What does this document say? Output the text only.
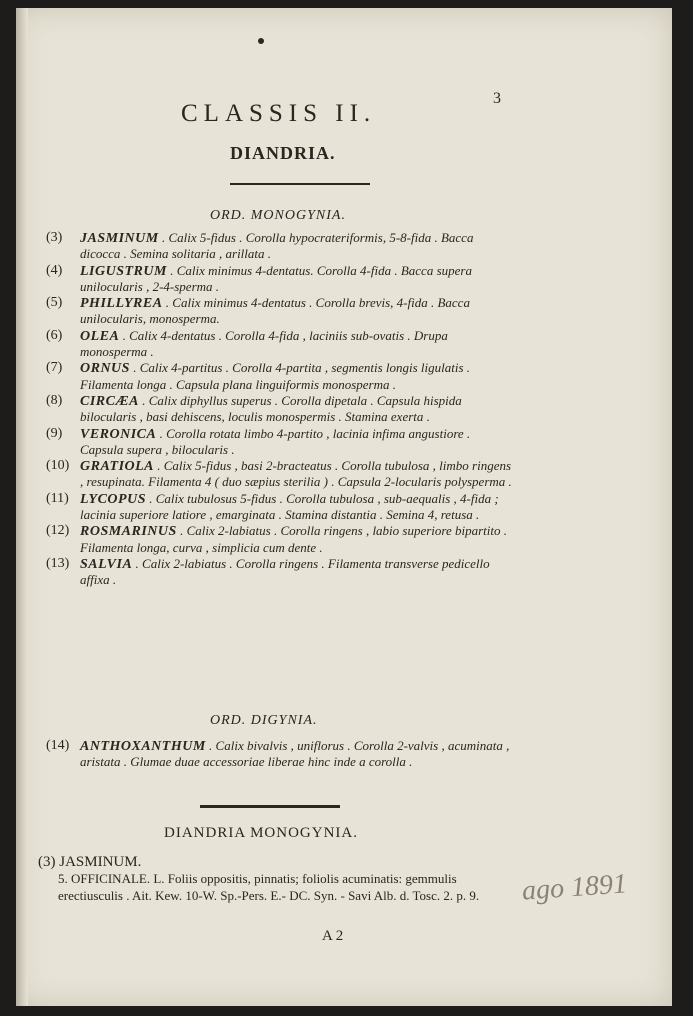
3
CLASSIS II.
DIANDRIA.
ORD. MONOGYNIA.
(3) JASMINUM . Calix 5-fidus . Corolla hypocrateriformis, 5-8-fida . Bacca dicocca . Semina solitaria , arillata .
(4) LIGUSTRUM . Calix minimus 4-dentatus. Corolla 4-fida . Bacca supera unilocularis , 2-4-sperma .
(5) PHILLYREA . Calix minimus 4-dentatus . Corolla brevis, 4-fida . Bacca unilocularis, monosperma.
(6) OLEA . Calix 4-dentatus . Corolla 4-fida , laciniis sub-ovatis . Drupa monosperma .
(7) ORNUS . Calix 4-partitus . Corolla 4-partita , segmentis longis ligulatis . Filamenta longa . Capsula plana linguiformis monosperma .
(8) CIRCÆA . Calix diphyllus superus . Corolla dipetala . Capsula hispida bilocularis , basi dehiscens, loculis monospermis . Stamina exerta .
(9) VERONICA . Corolla rotata limbo 4-partito , lacinia infima angustiore . Capsula supera , bilocularis .
(10) GRATIOLA . Calix 5-fidus , basi 2-bracteatus . Corolla tubulosa , limbo ringens , resupinata. Filamenta 4 ( duo sæpius sterilia ) . Capsula 2-locularis polysperma .
(11) LYCOPUS . Calix tubulosus 5-fidus . Corolla tubulosa , sub-aequalis , 4-fida ; lacinia superiore latiore , emarginata . Stamina distantia . Semina 4, retusa .
(12) ROSMARINUS . Calix 2-labiatus . Corolla ringens , labio superiore bipartito . Filamenta longa, curva , simplicia cum dente .
(13) SALVIA . Calix 2-labiatus . Corolla ringens . Filamenta transverse pedicello affixa .
ORD. DIGYNIA.
(14) ANTHOXANTHUM . Calix bivalvis , uniflorus . Corolla 2-valvis , acuminata , aristata . Glumae duae accessoriae liberae hinc inde a corolla .
DIANDRIA MONOGYNIA.
(3) JASMINUM.
5. OFFICINALE. L. Foliis oppositis, pinnatis; foliolis acuminatis: gemmulis erectiusculis . Ait. Kew. 10-W. Sp.-Pers. E.- DC. Syn. - Savi Alb. d. Tosc. 2. p. 9.
A 2
ago 1891
